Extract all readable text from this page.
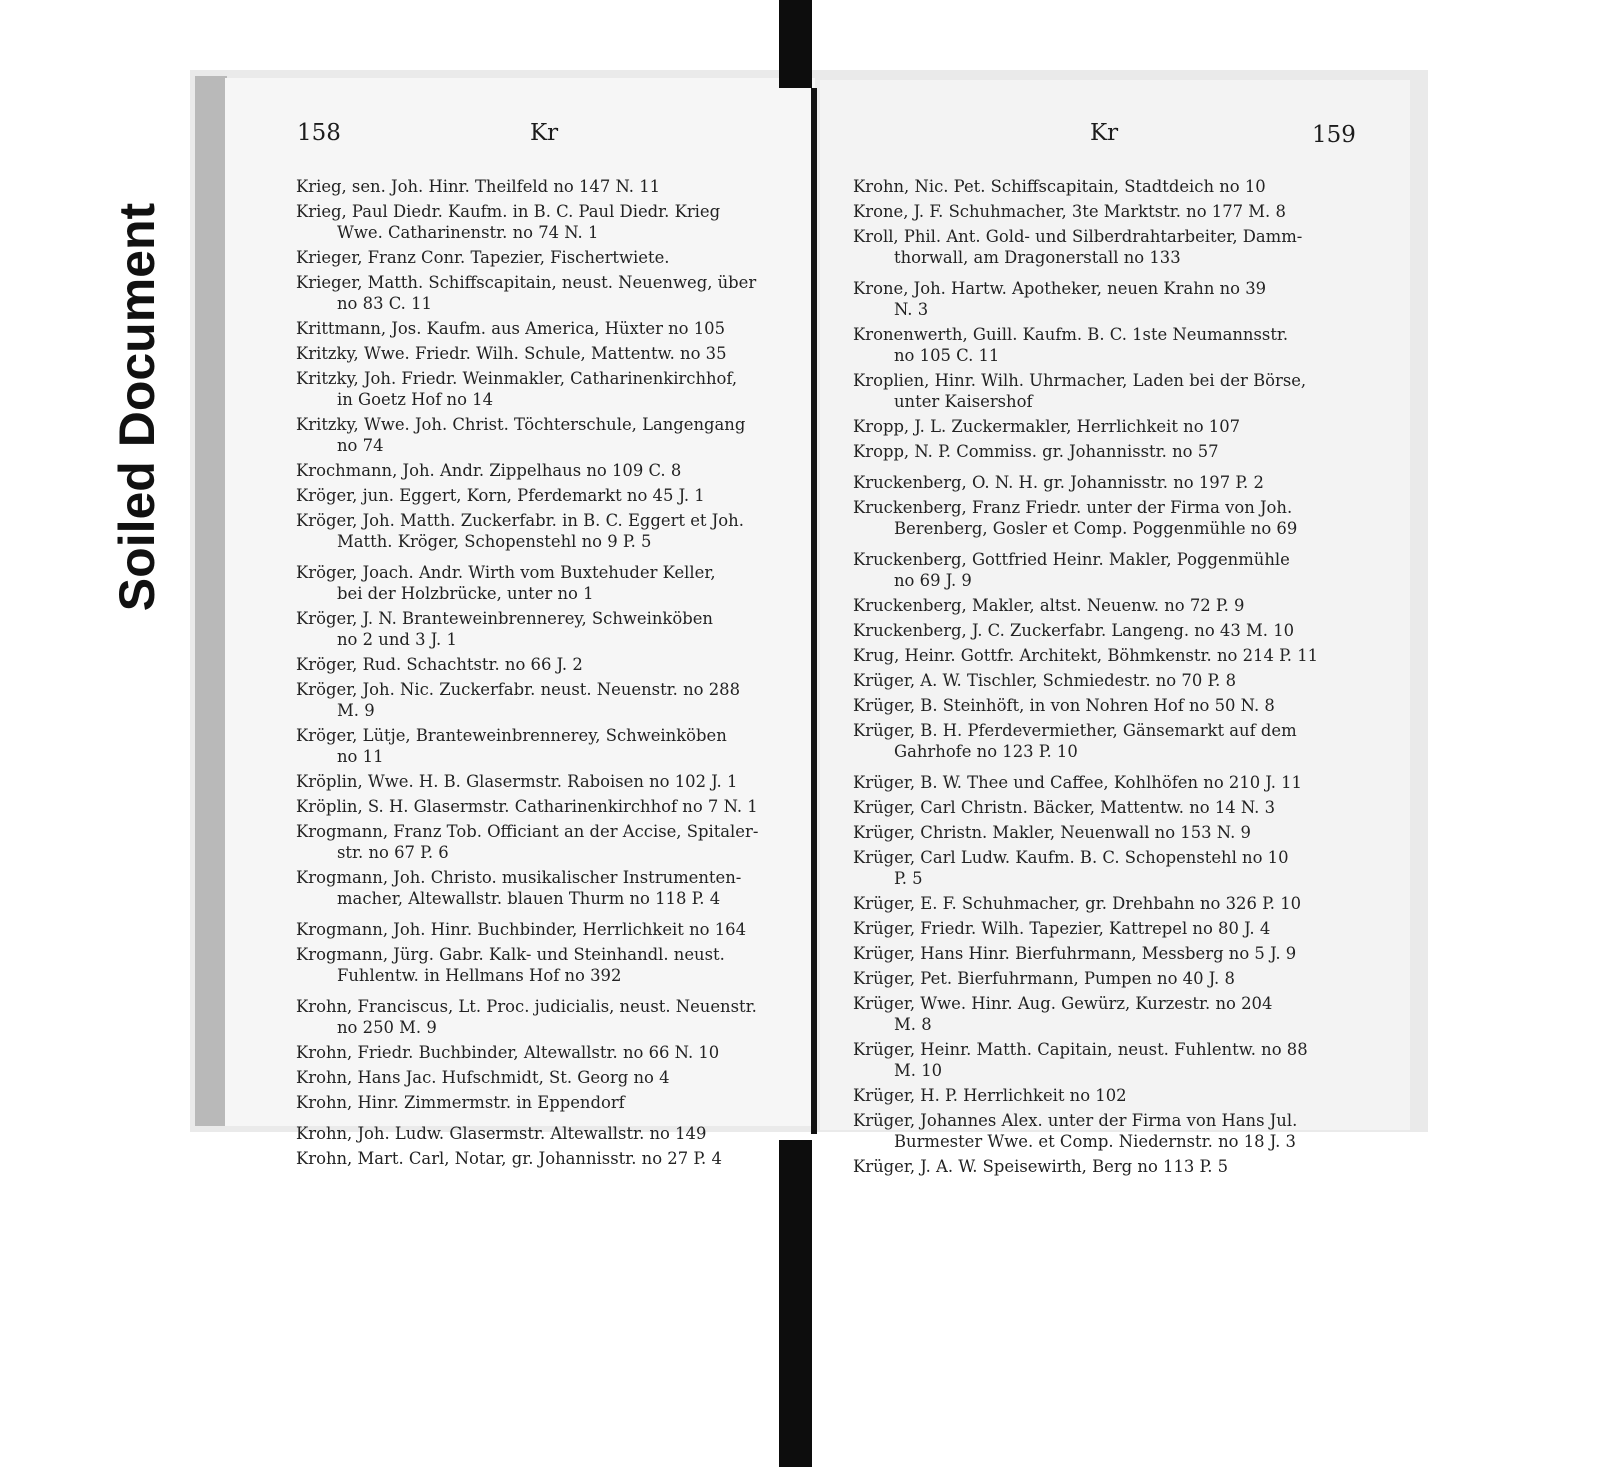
Soiled Document
158	Kr	Kr	159
Krieg, sen. Joh. Hinr. Theilfeld no 147 N. 11
Krieg, Paul Diedr. Kaufm. in B. C. Paul Diedr. Krieg
Wwe. Catharinenstr. no 74 N. 1
Krieger, Franz Conr. Tapezier, Fischertwiete.
Krieger, Matth. Schiffscapitain, neust. Neuenweg, über
no 83 C. 11
Krittmann, Jos. Kaufm. aus America, Hüxter no 105
Kritzky, Wwe. Friedr. Wilh. Schule, Mattentw. no 35
Kritzky, Joh. Friedr. Weinmakler, Catharinenkirchhof,
in Goetz Hof no 14
Kritzky, Wwe. Joh. Christ. Töchterschule, Langengang
no 74
Krochmann, Joh. Andr. Zippelhaus no 109 C. 8
Kröger, jun. Eggert, Korn, Pferdemarkt no 45 J. 1
Kröger, Joh. Matth. Zuckerfabr. in B. C. Eggert et Joh.
Matth. Kröger, Schopenstehl no 9 P. 5
Kröger, Joach. Andr. Wirth vom Buxtehuder Keller,
bei der Holzbrücke, unter no 1
Kröger, J. N. Branteweinbrennerey, Schweinköben
no 2 und 3 J. 1
Kröger, Rud. Schachtstr. no 66 J. 2
Kröger, Joh. Nic. Zuckerfabr. neust. Neuenstr. no 288
M. 9
Kröger, Lütje, Branteweinbrennerey, Schweinköben
no 11
Kröplin, Wwe. H. B. Glasermstr. Raboisen no 102 J. 1
Kröplin, S. H. Glasermstr. Catharinenkirchhof no 7 N. 1
Krogmann, Franz Tob. Officiant an der Accise, Spitaler-
str. no 67 P. 6
Krogmann, Joh. Christo. musikalischer Instrumenten-
macher, Altewallstr. blauen Thurm no 118 P. 4
Krogmann, Joh. Hinr. Buchbinder, Herrlichkeit no 164
Krogmann, Jürg. Gabr. Kalk- und Steinhandl. neust.
Fuhlentw. in Hellmans Hof no 392
Krohn, Franciscus, Lt. Proc. judicialis, neust. Neuenstr.
no 250 M. 9
Krohn, Friedr. Buchbinder, Altewallstr. no 66 N. 10
Krohn, Hans Jac. Hufschmidt, St. Georg no 4
Krohn, Hinr. Zimmermstr. in Eppendorf
Krohn, Joh. Ludw. Glasermstr. Altewallstr. no 149
Krohn, Mart. Carl, Notar, gr. Johannisstr. no 27 P. 4
Krohn, Nic. Pet. Schiffscapitain, Stadtdeich no 10
Krone, J. F. Schuhmacher, 3te Marktstr. no 177 M. 8
Kroll, Phil. Ant. Gold- und Silberdrahtarbeiter, Damm-
thorwall, am Dragonerstall no 133
Krone, Joh. Hartw. Apotheker, neuen Krahn no 39
N. 3
Kronenwerth, Guill. Kaufm. B. C. 1ste Neumannsstr.
no 105 C. 11
Kroplien, Hinr. Wilh. Uhrmacher, Laden bei der Börse,
unter Kaisershof
Kropp, J. L. Zuckermakler, Herrlichkeit no 107
Kropp, N. P. Commiss. gr. Johannisstr. no 57
Kruckenberg, O. N. H. gr. Johannisstr. no 197 P. 2
Kruckenberg, Franz Friedr. unter der Firma von Joh.
Berenberg, Gosler et Comp. Poggenmühle no 69
Kruckenberg, Gottfried Heinr. Makler, Poggenmühle
no 69 J. 9
Kruckenberg, Makler, altst. Neuenw. no 72 P. 9
Kruckenberg, J. C. Zuckerfabr. Langeng. no 43 M. 10
Krug, Heinr. Gottfr. Architekt, Böhmkenstr. no 214 P. 11
Krüger, A. W. Tischler, Schmiedestr. no 70 P. 8
Krüger, B. Steinhöft, in von Nohren Hof no 50 N. 8
Krüger, B. H. Pferdevermiether, Gänsemarkt auf dem
Gahrhofe no 123 P. 10
Krüger, B. W. Thee und Caffee, Kohlhöfen no 210 J. 11
Krüger, Carl Christn. Bäcker, Mattentw. no 14 N. 3
Krüger, Christn. Makler, Neuenwall no 153 N. 9
Krüger, Carl Ludw. Kaufm. B. C. Schopenstehl no 10
P. 5
Krüger, E. F. Schuhmacher, gr. Drehbahn no 326 P. 10
Krüger, Friedr. Wilh. Tapezier, Kattrepel no 80 J. 4
Krüger, Hans Hinr. Bierfuhrmann, Messberg no 5 J. 9
Krüger, Pet. Bierfuhrmann, Pumpen no 40 J. 8
Krüger, Wwe. Hinr. Aug. Gewürz, Kurzestr. no 204
M. 8
Krüger, Heinr. Matth. Capitain, neust. Fuhlentw. no 88
M. 10
Krüger, H. P. Herrlichkeit no 102
Krüger, Johannes Alex. unter der Firma von Hans Jul.
Burmester Wwe. et Comp. Niedernstr. no 18 J. 3
Krüger, J. A. W. Speisewirth, Berg no 113 P. 5
